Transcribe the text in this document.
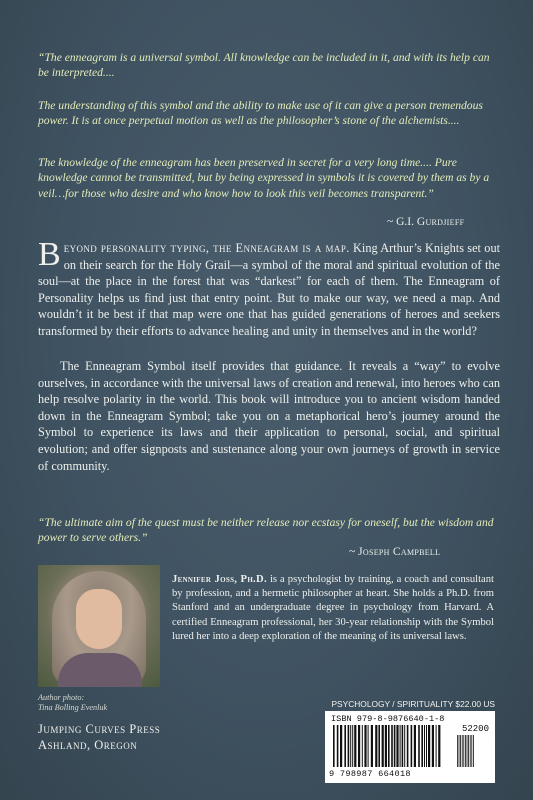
“The enneagram is a universal symbol. All knowledge can be included in it, and with its help can be interpreted....
The understanding of this symbol and the ability to make use of it can give a person tremendous power. It is at once perpetual motion as well as the philosopher’s stone of the alchemists....
The knowledge of the enneagram has been preserved in secret for a very long time.... Pure knowledge cannot be transmitted, but by being expressed in symbols it is covered by them as by a veil…for those who desire and who know how to look this veil becomes transparent.”
~ G.I. Gurdjieff
Beyond personality typing, the Enneagram is a map. King Arthur’s Knights set out on their search for the Holy Grail—a symbol of the moral and spiritual evolution of the soul—at the place in the forest that was “darkest” for each of them. The Enneagram of Personality helps us find just that entry point. But to make our way, we need a map. And wouldn’t it be best if that map were one that has guided generations of heroes and seekers transformed by their efforts to advance healing and unity in themselves and in the world?
The Enneagram Symbol itself provides that guidance. It reveals a “way” to evolve ourselves, in accordance with the universal laws of creation and renewal, into heroes who can help resolve polarity in the world. This book will introduce you to ancient wisdom handed down in the Enneagram Symbol; take you on a metaphorical hero’s journey around the Symbol to experience its laws and their application to personal, social, and spiritual evolution; and offer signposts and sustenance along your own journeys of growth in service of community.
“The ultimate aim of the quest must be neither release nor ecstasy for oneself, but the wisdom and power to serve others.”
~ Joseph Campbell
Author photo:
Tina Bolling Evenluk
Jennifer Joss, Ph.D. is a psychologist by training, a coach and consultant by profession, and a hermetic philosopher at heart. She holds a Ph.D. from Stanford and an undergraduate degree in psychology from Harvard. A certified Enneagram professional, her 30-year relationship with the Symbol lured her into a deep exploration of the meaning of its universal laws.
PSYCHOLOGY / SPIRITUALITY $22.00 US
Jumping Curves Press
Ashland, Oregon
ISBN 979-8-9876640-1-8
52200
9 798987 664018
